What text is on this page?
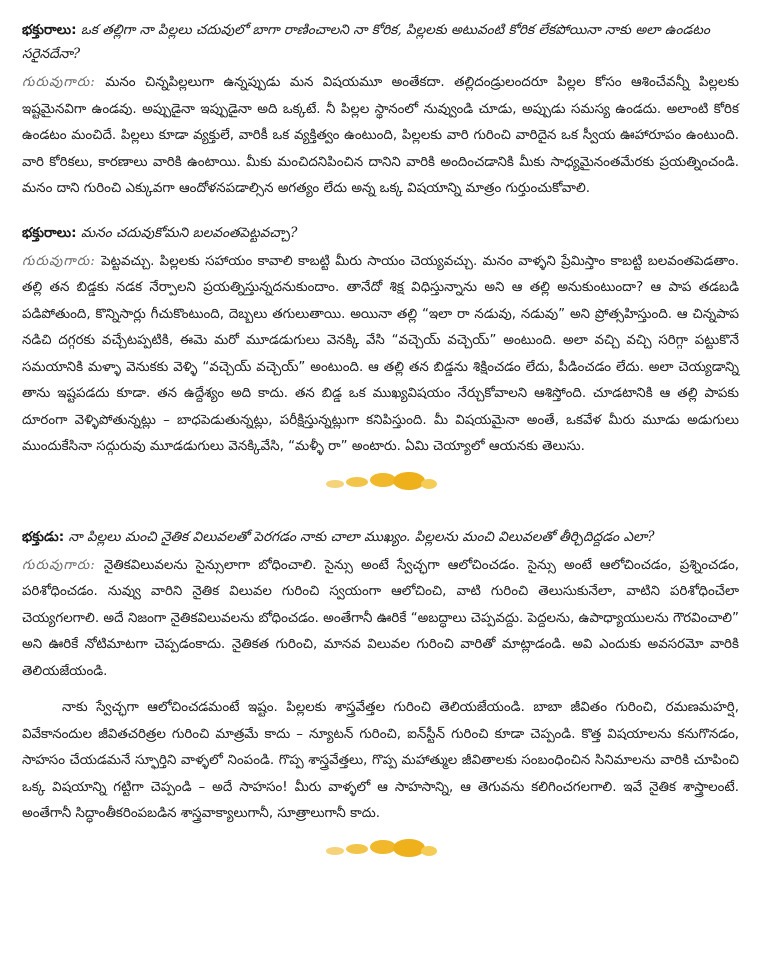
భక్తురాలు: ఒక తల్లిగా నా పిల్లలు చదువులో బాగా రాణించాలని నా కోరిక, పిల్లలకు అటువంటి కోరిక లేకపోయినా నాకు అలా ఉండటం సరైనదేనా?

గురువుగారు: మనం చిన్నపిల్లలుగా ఉన్నప్పుడు మన విషయమూ అంతేకదా. తల్లిదండ్రులందరూ పిల్లల కోసం ఆశించేవన్నీ పిల్లలకు ఇష్టమైనవిగా ఉండవు. అప్పుడైనా ఇప్పుడైనా అది ఒక్కటే. నీ పిల్లల స్థానంలో నువ్వుండి చూడు, అప్పుడు సమస్య ఉండదు. అలాంటి కోరిక ఉండటం మంచిదే. పిల్లలు కూడా వ్యక్తులే, వారికీ ఒక వ్యక్తిత్వం ఉంటుంది, పిల్లలకు వారి గురించి వారిదైన ఒక స్వీయ ఊహారూపం ఉంటుంది. వారి కోరికలు, కారణాలు వారికి ఉంటాయి. మీకు మంచిదనిపించిన దానిని వారికి అందించడానికి మీకు సాధ్యమైనంతమేరకు ప్రయత్నించండి. మనం దాని గురించి ఎక్కువగా ఆందోళనపడాల్సిన అగత్యం లేదు అన్న ఒక్క విషయాన్ని మాత్రం గుర్తుంచుకోవాలి.

భక్తురాలు: మనం చదువుకోమని బలవంతపెట్టవచ్చా?

గురువుగారు: పెట్టవచ్చు. పిల్లలకు సహాయం కావాలి కాబట్టి మీరు సాయం చెయ్యవచ్చు. మనం వాళ్ళని ప్రేమిస్తాం కాబట్టి బలవంతపెడతాం. తల్లి తన బిడ్డకు నడక నేర్పాలని ప్రయత్నిస్తున్నదనుకుందాం. తానేదో శిక్ష విధిస్తున్నాను అని ఆ తల్లి అనుకుంటుందా? ఆ పాప తడబడి పడిపోతుంది, కొన్నిసార్లు గీచుకొంటుంది, దెబ్బలు తగులుతాయి. అయినా తల్లి “ఇలా రా నడువు, నడువు” అని ప్రోత్సహిస్తుంది. ఆ చిన్నపాప నడిచి దగ్గరకు వచ్చేటప్పటికి, ఈమె మరో మూడడుగులు వెనక్కి వేసి “వచ్చెయ్ వచ్చెయ్” అంటుంది. అలా వచ్చి వచ్చి సరిగ్గా పట్టుకొనే సమయానికి మళ్ళా వెనుకకు వెళ్ళి “వచ్చెయ్ వచ్చెయ్” అంటుంది. ఆ తల్లి తన బిడ్డను శిక్షించడం లేదు, పీడించడం లేదు. అలా చెయ్యడాన్ని తాను ఇష్టపడదు కూడా. తన ఉద్దేశ్యం అది కాదు. తన బిడ్డ ఒక ముఖ్యవిషయం నేర్చుకోవాలని ఆశిస్తోంది. చూడటానికి ఆ తల్లి పాపకు దూరంగా వెళ్ళిపోతున్నట్లు – బాధపెడుతున్నట్లు, పరీక్షిస్తున్నట్లుగా కనిపిస్తుంది. మీ విషయమైనా అంతే, ఒకవేళ మీరు మూడు అడుగులు ముందుకేసినా సద్గురువు మూడడుగులు వెనక్కివేసి, “మళ్ళీ రా” అంటారు. ఏమి చెయ్యాలో ఆయనకు తెలుసు.

భక్తుడు: నా పిల్లలు మంచి నైతిక విలువలతో పెరగడం నాకు చాలా ముఖ్యం. పిల్లలను మంచి విలువలతో తీర్చిదిద్దడం ఎలా?

గురువుగారు: నైతికవిలువలను సైన్సులాగా బోధించాలి. సైన్సు అంటే స్వేచ్ఛగా ఆలోచించడం. సైన్సు అంటే ఆలోచించడం, ప్రశ్నించడం, పరిశోధించడం. నువ్వు వారిని నైతిక విలువల గురించి స్వయంగా ఆలోచించి, వాటి గురించి తెలుసుకునేలా, వాటిని పరిశోధించేలా చెయ్యగలగాలి. అదే నిజంగా నైతికవిలువలను బోధించడం. అంతేగానీ ఊరికే “అబద్ధాలు చెప్పవద్దు. పెద్దలను, ఉపాధ్యాయులను గౌరవించాలి” అని ఊరికే నోటిమాటగా చెప్పడంకాదు. నైతికత గురించి, మానవ విలువల గురించి వారితో మాట్లాడండి. అవి ఎందుకు అవసరమో వారికి తెలియజేయండి.

నాకు స్వేచ్ఛగా ఆలోచించడమంటే ఇష్టం. పిల్లలకు శాస్త్రవేత్తల గురించి తెలియజేయండి. బాబా జీవితం గురించి, రమణమహర్షి, వివేకానందుల జీవితచరిత్రల గురించి మాత్రమే కాదు – న్యూటన్ గురించి, ఐన్‌స్టీన్ గురించి కూడా చెప్పండి. కొత్త విషయాలను కనుగొనడం, సాహసం చేయడమనే స్ఫూర్తిని వాళ్ళలో నింపండి. గొప్ప శాస్త్రవేత్తలు, గొప్ప మహాత్ముల జీవితాలకు సంబంధించిన సినిమాలను వారికి చూపించి ఒక్క విషయాన్ని గట్టిగా చెప్పండి – అదే సాహసం! మీరు వాళ్ళలో ఆ సాహసాన్ని, ఆ తెగువను కలిగించగలగాలి. ఇవే నైతిక శాస్త్రాలంటే. అంతేగానీ సిద్ధాంతీకరింపబడిన శాస్త్రవాక్యాలుగానీ, సూత్రాలుగానీ కాదు.
